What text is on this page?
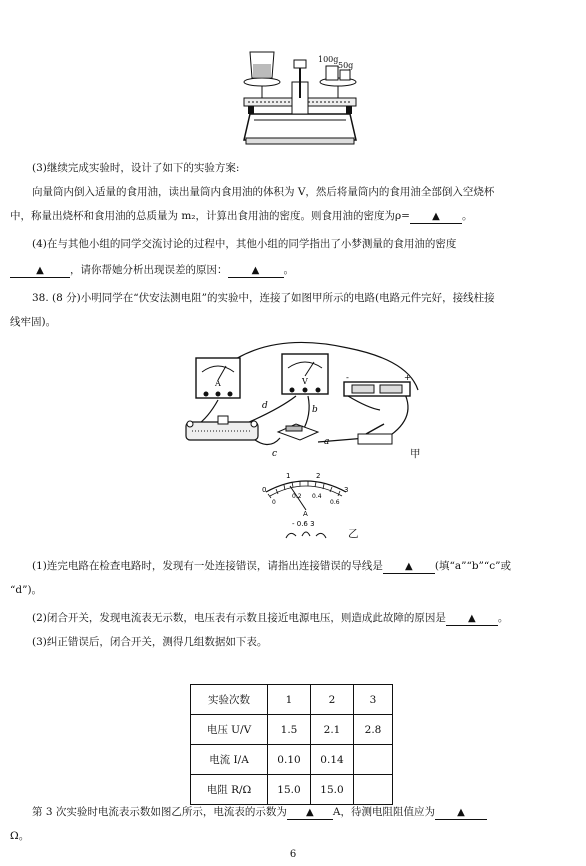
100g
50g
(3)继续完成实验时，设计了如下的实验方案:
向量筒内倒入适量的食用油，读出量筒内食用油的体积为 V，然后将量筒内的食用油全部倒入空烧杯
中，称量出烧杯和食用油的总质量为 m₂，计算出食用油的密度。则食用油的密度为ρ= ▲ 。
(4)在与其他小组的同学交流讨论的过程中，其他小组的同学指出了小梦测量的食用油的密度
▲ ，请你帮她分析出现误差的原因： ▲ 。
38. (8 分)小明同学在“伏安法测电阻”的实验中，连接了如图甲所示的电路(电路元件完好，接线柱接
线牢固)。
A	V	-	+
d	b
c
a
甲
0
1	2
3
0
0.2 0.4
0.6
A
- 0.6 3
乙
(1)连完电路在检查电路时，发现有一处连接错误，请指出连接错误的导线是 ▲ (填“a”“b”“c”或
“d”)。
(2)闭合开关，发现电流表无示数，电压表有示数且接近电源电压，则造成此故障的原因是 ▲ 。
(3)纠正错误后，闭合开关，测得几组数据如下表。
实验次数	1	2	3
电压 U/V	1.5	2.1	2.8
电流 I/A	0.10	0.14	
电阻 R/Ω	15.0	15.0	
第 3 次实验时电流表示数如图乙所示，电流表的示数为 ▲ A，待测电阻阻值应为 ▲
Ω。
6
